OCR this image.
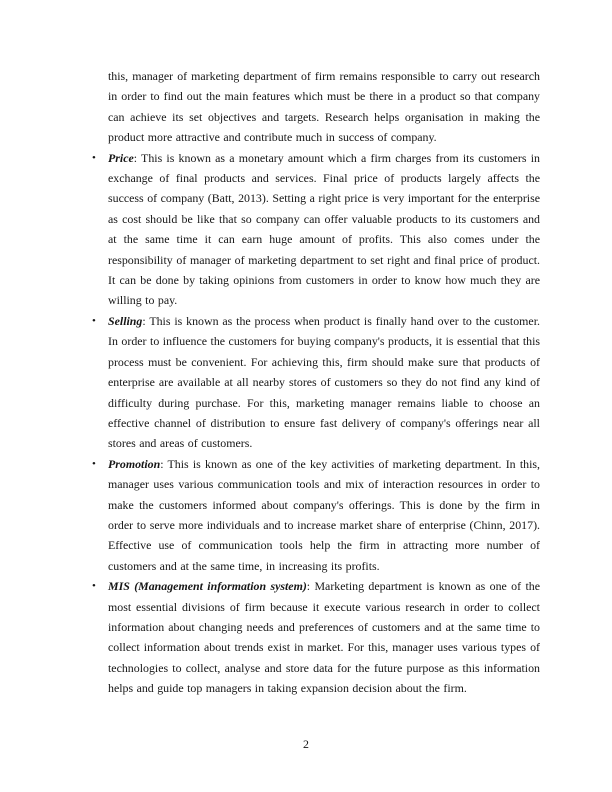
this, manager of marketing department of firm remains responsible to carry out research in order to find out the main features which must be there in a product so that company can achieve its set objectives and targets. Research helps organisation in making the product more attractive and contribute much in success of company.

• Price: This is known as a monetary amount which a firm charges from its customers in exchange of final products and services. Final price of products largely affects the success of company (Batt, 2013). Setting a right price is very important for the enterprise as cost should be like that so company can offer valuable products to its customers and at the same time it can earn huge amount of profits. This also comes under the responsibility of manager of marketing department to set right and final price of product. It can be done by taking opinions from customers in order to know how much they are willing to pay.
• Selling: This is known as the process when product is finally hand over to the customer. In order to influence the customers for buying company's products, it is essential that this process must be convenient. For achieving this, firm should make sure that products of enterprise are available at all nearby stores of customers so they do not find any kind of difficulty during purchase. For this, marketing manager remains liable to choose an effective channel of distribution to ensure fast delivery of company's offerings near all stores and areas of customers.
• Promotion: This is known as one of the key activities of marketing department. In this, manager uses various communication tools and mix of interaction resources in order to make the customers informed about company's offerings. This is done by the firm in order to serve more individuals and to increase market share of enterprise (Chinn, 2017). Effective use of communication tools help the firm in attracting more number of customers and at the same time, in increasing its profits.
• MIS (Management information system): Marketing department is known as one of the most essential divisions of firm because it execute various research in order to collect information about changing needs and preferences of customers and at the same time to collect information about trends exist in market. For this, manager uses various types of technologies to collect, analyse and store data for the future purpose as this information helps and guide top managers in taking expansion decision about the firm.
2
